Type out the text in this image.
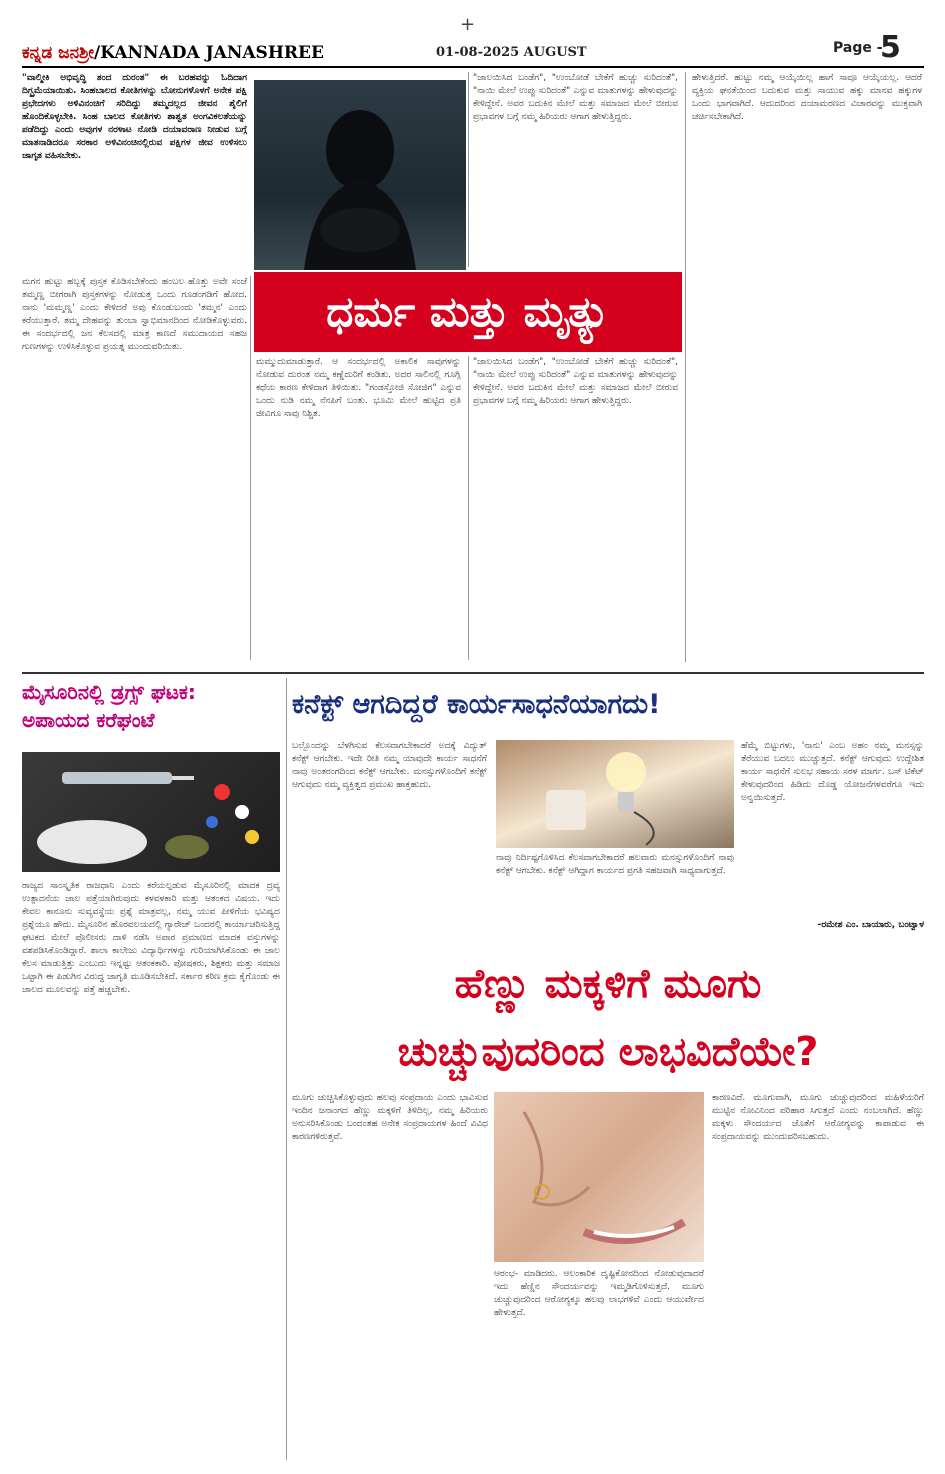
+
ಕನ್ನಡ ಜನಶ್ರೀ/KANNADA JANASHREE	01-08-2025 AUGUST	Page -
5
"ವಾಲ್ಮೀಕಿ ಅಭಿವೃದ್ಧಿ ತಂದ ದುರಂತ" ಈ ಬರಹವನ್ನು ಓದಿದಾಗ ದಿಗ್ಭ್ರಮೆಯಾಯಿತು. ಸಿಂಹಬಾಲದ ಕೋತಿಗಳನ್ನು ಬೋನುಗಳೊಳಗೆ ಅನೇಕ ಪಕ್ಷಿ ಪ್ರಭೇದಗಳು ಅಳಿವಿನಂಚಿಗೆ ಸರಿದಿದ್ದು ತಮ್ಮದಲ್ಲದ ಜೀವನ ಶೈಲಿಗೆ ಹೊಂದಿಕೊಳ್ಳಬೇಕಿ. ಸಿಂಹ ಬಾಲದ ಕೋತಿಗಳು ಶಾಶ್ವತ ಅಂಗವಿಕಲತೆಯನ್ನು ಪಡೆದಿದ್ದು ಎಂದು ಅವುಗಳ ನರಳಾಟ ನೋಡಿ ದಯಾವರಾಣ ನೀಡುವ ಬಗ್ಗೆ ಮಾತನಾಡಿದರೂ ಸರಕಾರ ಅಳಿವಿನಂಚಿನಲ್ಲಿರುವ ಪಕ್ಷಿಗಳ ಜೀವ ಉಳಿಸಲು ಜಾಗೃತ ವಹಿಸಬೇಕು.
"ಜಾಲಯಿಸಿದ ಬಂಡೆಗ", "ಉಂಬೋಡೆ ಬೇಕೆಗೆ ಹುಚ್ಚು ಸುರಿದಂತೆ", "ನಾಯಿ ಮೇಲೆ ಉಪ್ಪು ಸುರಿದಂತೆ" ಎನ್ನುವ ಮಾತುಗಳನ್ನು ಹೇಳುವುದನ್ನು ಕೇಳಿದ್ದೇನೆ. ಅವರ ಬದುಕಿನ ಮೇಲೆ ಮತ್ತು ಸಮಾಜದ ಮೇಲೆ ಬೀರುವ ಪ್ರಭಾವಗಳ ಬಗ್ಗೆ ನಮ್ಮ ಹಿರಿಯರು ಆಗಾಗ ಹೇಳುತ್ತಿದ್ದರು.
ಹೇಳುತ್ತಿದರೆ. ಹುಟ್ಟು ನಮ್ಮ ಆಯ್ಕೆಯಿಲ್ಲ ಹಾಗೆ ಸಾವೂ ಆಯ್ಕೆಯಲ್ಲ. ಆದರೆ ವ್ಯಕ್ತಿಯ ಘನತೆಯಿಂದ ಬದುಕುವ ಮತ್ತು ಸಾಯುವ ಹಕ್ಕು ಮಾನವ ಹಕ್ಕುಗಳ ಒಂದು ಭಾಗವಾಗಿದೆ. ಆದುದರಿಂದ ದಯಾಮರಣದ ವಿಚಾರವನ್ನು ಮುಕ್ತವಾಗಿ ಚರ್ಚಿಸಬೇಕಾಗಿದೆ.
ಮಗನ ಹುಟ್ಟು ಹಬ್ಬಕ್ಕೆ ಪುಸ್ತಕ ಕೊಡಿಸಬೇಕೆಂದು ಹಂಬಲ ಹೊತ್ತು ಅವೇ ಸಂಜೆ ತಮ್ಮಣ್ಣ ಬೀಗರಾಗಿ ಪುಸ್ತಕಗಳನ್ನು ನೋಡುತ್ತ ಒಂದು ಗೂಡಂಗಡಿಗೆ ಹೋದ. ನಾನು 'ಮಮ್ಮಣ್ಣ' ಎಂದು ಕೇಳಿದರೆ ಅವು ಕೊಂಡುಬಂದು 'ತಮ್ಮನ' ಎಂದು ಕರೆಯುತ್ತಾರೆ. ತಮ್ಮ ದೇಹವನ್ನು ತುಂಬಾ ಸ್ವಾಭಿಮಾನದಿಂದ ನೋಡಿಕೊಳ್ಳುವರು. ಈ ಸಂದರ್ಭದಲ್ಲಿ ಜನ ಕೆಲಸದಲ್ಲಿ ಮಾತ್ರ ಕಾಣದೆ ಸಮುದಾಯದ ಸಹಜ ಗುಣಗಳನ್ನು ಉಳಿಸಿಕೊಳ್ಳುವ ಪ್ರಯತ್ನ ಮುಂದುವರಿಯಿತು.
ಧರ್ಮ ಮತ್ತು ಮೃತ್ಯು
ಮಮ್ಮುದುಮಾಡುತ್ತಾರೆ. ಆ ಸಂದರ್ಭದಲ್ಲಿ ಅಕಾಲಿಕ ಸಾವುಗಳನ್ನು ನೋಡುವ ದುರಂತ ನಮ್ಮ ಕಣ್ಣೆದುರಿಗೆ ಕಂಡಿತು. ಅದರ ಸಾಲಿನಲ್ಲಿ ಗೂಗ್ಲಿ ಕಥೆಯ ಕಾರಣ ಕೇಳಿದಾಗ ತಿಳಿಯಿತು. "ಗಂಡಸ್ತೋಜಿ ಸೋಜಿಗ" ಎನ್ನುವ ಒಂದು ನುಡಿ ನಮ್ಮ ನೆನಪಿಗೆ ಬಂತು. ಭೂಮಿ ಮೇಲೆ ಹುಟ್ಟಿದ ಪ್ರತಿ ಜೀವಿಗೂ ಸಾವು ನಿಶ್ಚಿತ.
"ಜಾಲಯಿಸಿದ ಬಂಡೆಗ", "ಉಂಬೋಡೆ ಬೇಕೆಗೆ ಹುಚ್ಚು ಸುರಿದಂತೆ", "ನಾಯಿ ಮೇಲೆ ಉಪ್ಪು ಸುರಿದಂತೆ" ಎನ್ನುವ ಮಾತುಗಳನ್ನು ಹೇಳುವುದನ್ನು ಕೇಳಿದ್ದೇನೆ. ಅವರ ಬದುಕಿನ ಮೇಲೆ ಮತ್ತು ಸಮಾಜದ ಮೇಲೆ ಬೀರುವ ಪ್ರಭಾವಗಳ ಬಗ್ಗೆ ನಮ್ಮ ಹಿರಿಯರು ಆಗಾಗ ಹೇಳುತ್ತಿದ್ದರು.
ಮೈಸೂರಿನಲ್ಲಿ ಡ್ರಗ್ಸ್ ಘಟಕ:
ಅಪಾಯದ ಕರೆಘಂಟೆ
ರಾಜ್ಯದ ಸಾಂಸ್ಕೃತಿಕ ರಾಜಧಾನಿ ಎಂದು ಕರೆಯಲ್ಪಡುವ ಮೈಸೂರಿನಲ್ಲಿ ಮಾದಕ ದ್ರವ್ಯ ಉತ್ಪಾದನೆಯ ಜಾಲ ಪತ್ತೆಯಾಗಿರುವುದು ಕಳವಳಕಾರಿ ಮತ್ತು ಆತಂಕದ ವಿಷಯ. ಇದು ಕೇವಲ ಕಾನೂನು ಸುವ್ಯವಸ್ಥೆಯ ಪ್ರಶ್ನೆ ಮಾತ್ರವಲ್ಲ, ನಮ್ಮ ಯುವ ಪೀಳಿಗೆಯ ಭವಿಷ್ಯದ ಪ್ರಶ್ನೆಯೂ ಹೌದು. ಮೈಸೂರಿನ ಹೊರವಲಯದಲ್ಲಿ ಗ್ಯಾರೇಜ್ ಒಂದರಲ್ಲಿ ಕಾರ್ಯಾಚರಿಸುತ್ತಿದ್ದ ಘಟಕದ ಮೇಲೆ ಪೊಲೀಸರು ದಾಳಿ ನಡೆಸಿ ಅಪಾರ ಪ್ರಮಾಣದ ಮಾದಕ ವಸ್ತುಗಳನ್ನು ವಶಪಡಿಸಿಕೊಂಡಿದ್ದಾರೆ. ಶಾಲಾ ಕಾಲೇಜು ವಿದ್ಯಾರ್ಥಿಗಳನ್ನು ಗುರಿಯಾಗಿಸಿಕೊಂಡು ಈ ಜಾಲ ಕೆಲಸ ಮಾಡುತ್ತಿತ್ತು ಎಂಬುದು ಇನ್ನಷ್ಟು ಆತಂಕಕಾರಿ. ಪೋಷಕರು, ಶಿಕ್ಷಕರು ಮತ್ತು ಸಮಾಜ ಒಟ್ಟಾಗಿ ಈ ಪಿಡುಗಿನ ವಿರುದ್ಧ ಜಾಗೃತಿ ಮೂಡಿಸಬೇಕಿದೆ. ಸರ್ಕಾರ ಕಠಿಣ ಕ್ರಮ ಕೈಗೊಂಡು ಈ ಜಾಲದ ಮೂಲವನ್ನು ಪತ್ತೆ ಹಚ್ಚಬೇಕು.
ಕನೆಕ್ಟ್ ಆಗದಿದ್ದರೆ ಕಾರ್ಯಸಾಧನೆಯಾಗದು!
ಬಲ್ಬೊಂದನ್ನು ಬೆಳಗಿಸುವ ಕೆಲಸವಾಗಬೇಕಾದರೆ ಅದಕ್ಕೆ ವಿದ್ಯುತ್ ಕನೆಕ್ಟ್ ಆಗಬೇಕು. ಇದೇ ರೀತಿ ನಮ್ಮ ಯಾವುದೇ ಕಾರ್ಯ ಸಾಧನೆಗೆ ನಾವು ಅಂತರಂಗದಿಂದ ಕನೆಕ್ಟ್ ಆಗಬೇಕು. ಮನಸ್ಸುಗಳೊಂದಿಗೆ ಕನೆಕ್ಟ್ ಆಗುವುದು ನಮ್ಮ ವ್ಯಕ್ತಿತ್ವದ ಪ್ರಮುಖ ಹಾಕ್ತಹುದು.
ನಾವು ನಿರ್ದಿಷ್ಟಗೊಳಿಸಿದ ಕೆಲಸವಾಗಬೇಕಾದರೆ ಹಲವಾರು ಮನಸ್ಸುಗಳೊಂದಿಗೆ ನಾವು ಕನೆಕ್ಟ್ ಆಗಬೇಕು. ಕನೆಕ್ಟ್ ಆಗಿದ್ದಾಗ ಕಾರ್ಯದ ಪ್ರಗತಿ ಸಹಜವಾಗಿ ಸಾಧ್ಯವಾಗುತ್ತದೆ.
ಹೆಮ್ಮೆ ಬಿಟ್ಟುಗಳು, 'ನಾನು' ಎಂಬ ಅಹಂ ನಮ್ಮ ಮನಸ್ಸನ್ನು ತೆರೆಯುವ ಬದಲು ಮುಚ್ಚುತ್ತದೆ. ಕನೆಕ್ಟ್ ಆಗುವುದು ಉದ್ದೇಶಿತ ಕಾರ್ಯ ಸಾಧನೆಗೆ ಸುಲಭ ಸಹಾಯ ಸರಳ ಮಾರ್ಗ. ಬಸ್ ಟಿಕೆಟ್ ಕೇಳುವುದರಿಂದ ಹಿಡಿದು ದೊಡ್ಡ ಯೋಜನೆಗಳವರೆಗೂ ಇದು ಅನ್ವಯಿಸುತ್ತದೆ.
-ರಮೇಶ ಎಂ. ಬಾಯಾರು, ಬಂಟ್ವಾಳ
ಹೆಣ್ಣು ಮಕ್ಕಳಿಗೆ ಮೂಗು
ಚುಚ್ಚುವುದರಿಂದ ಲಾಭವಿದೆಯೇ?
ಮೂಗು ಚುಚ್ಚಿಸಿಕೊಳ್ಳುವುದು ಹಲವು ಸಂಪ್ರದಾಯ ಎಂದು ಭಾವಿಸುವ ಇಂದಿನ ಜನಾಂಗದ ಹೆಣ್ಣು ಮಕ್ಕಳಿಗೆ ತಿಳಿದಿಲ್ಲ, ನಮ್ಮ ಹಿರಿಯರು ಅನುಸರಿಸಿಕೊಂಡು ಬಂದಂತಹ ಅನೇಕ ಸಂಪ್ರದಾಯಗಳ ಹಿಂದೆ ವಿವಿಧ ಕಾರಣಗಳಿರುತ್ತವೆ.
ಆರಂಭ- ಮಾಡಿದರು. ಆಲಂಕಾರಿಕ ದೃಷ್ಟಿಕೋನದಿಂದ ನೋಡುವುದಾದರೆ ಇದು ಹೆಣ್ಣಿನ ಸೌಂದರ್ಯವನ್ನು ಇಮ್ಮಡಿಗೊಳಿಸುತ್ತದೆ. ಮೂಗು ಚುಚ್ಚುವುದರಿಂದ ಆರೋಗ್ಯಕ್ಕೂ ಹಲವು ಲಾಭಗಳಿವೆ ಎಂದು ಆಯುರ್ವೇದ ಹೇಳುತ್ತದೆ.
ಕಾರಣವಿದೆ. ಮೂಗುವಾಗಿ, ಮೂಗು ಚುಚ್ಚುವುದರಿಂದ ಮಹಿಳೆಯರಿಗೆ ಮುಟ್ಟಿನ ನೋವಿನಿಂದ ಪರಿಹಾರ ಸಿಗುತ್ತದೆ ಎಂದು ನಂಬಲಾಗಿದೆ. ಹೆಣ್ಣು ಮಕ್ಕಳು ಸೌಂದರ್ಯದ ಜೊತೆಗೆ ಆರೋಗ್ಯವನ್ನು ಕಾಪಾಡುವ ಈ ಸಂಪ್ರದಾಯವನ್ನು ಮುಂದುವರಿಸಬಹುದು.
